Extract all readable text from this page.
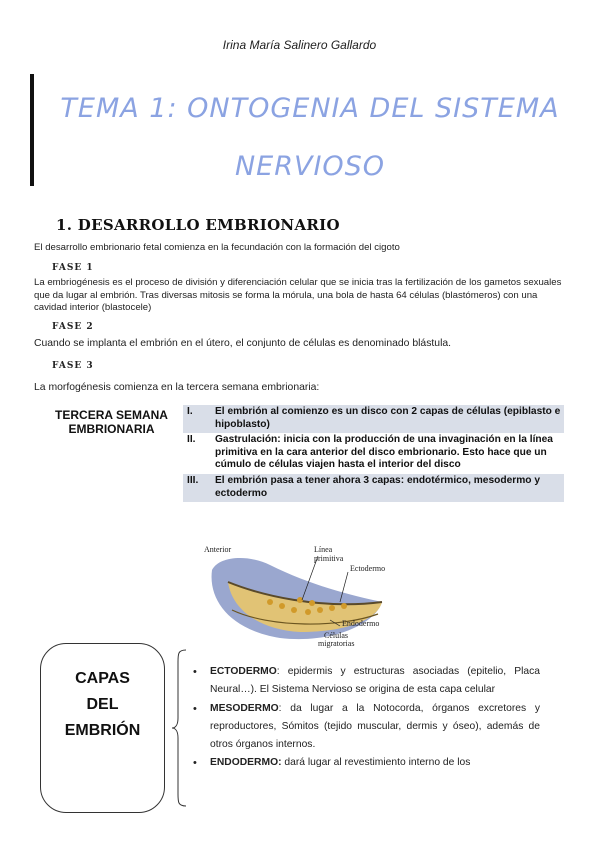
Irina María Salinero Gallardo
TEMA 1: ONTOGENIA DEL SISTEMA
NERVIOSO
1. DESARROLLO EMBRIONARIO
El desarrollo embrionario fetal comienza en la fecundación con la formación del cigoto
FASE 1
La embriogénesis es el proceso de división y diferenciación celular que se inicia tras la fertilización de los gametos sexuales que da lugar al embrión. Tras diversas mitosis se forma la mórula, una bola de hasta 64 células (blastómeros) con una cavidad interior (blastocele)
FASE 2
Cuando se implanta el embrión en el útero, el conjunto de células es denominado blástula.
FASE 3
La morfogénesis comienza en la tercera semana embrionaria:
TERCERA SEMANA
EMBRIONARIA
I.	El embrión al comienzo es un disco con 2 capas de células (epiblasto e hipoblasto)
II.	Gastrulación: inicia con la producción de una invaginación en la línea primitiva en la cara anterior del disco embrionario. Esto hace que un cúmulo de células viajen hasta el interior del disco
III.	El embrión pasa a tener ahora 3 capas: endotérmico, mesodermo y ectodermo
Anterior	Línea
primitiva
Ectodermo
Endodermo
Células
migratorias
CAPAS
DEL
EMBRIÓN
• ECTODERMO: epidermis y estructuras asociadas (epitelio, Placa Neural…). El Sistema Nervioso se origina de esta capa celular
• MESODERMO: da lugar a la Notocorda, órganos excretores y reproductores, Sómitos (tejido muscular, dermis y óseo), además de otros órganos internos.
• ENDODERMO: dará lugar al revestimiento interno de los
